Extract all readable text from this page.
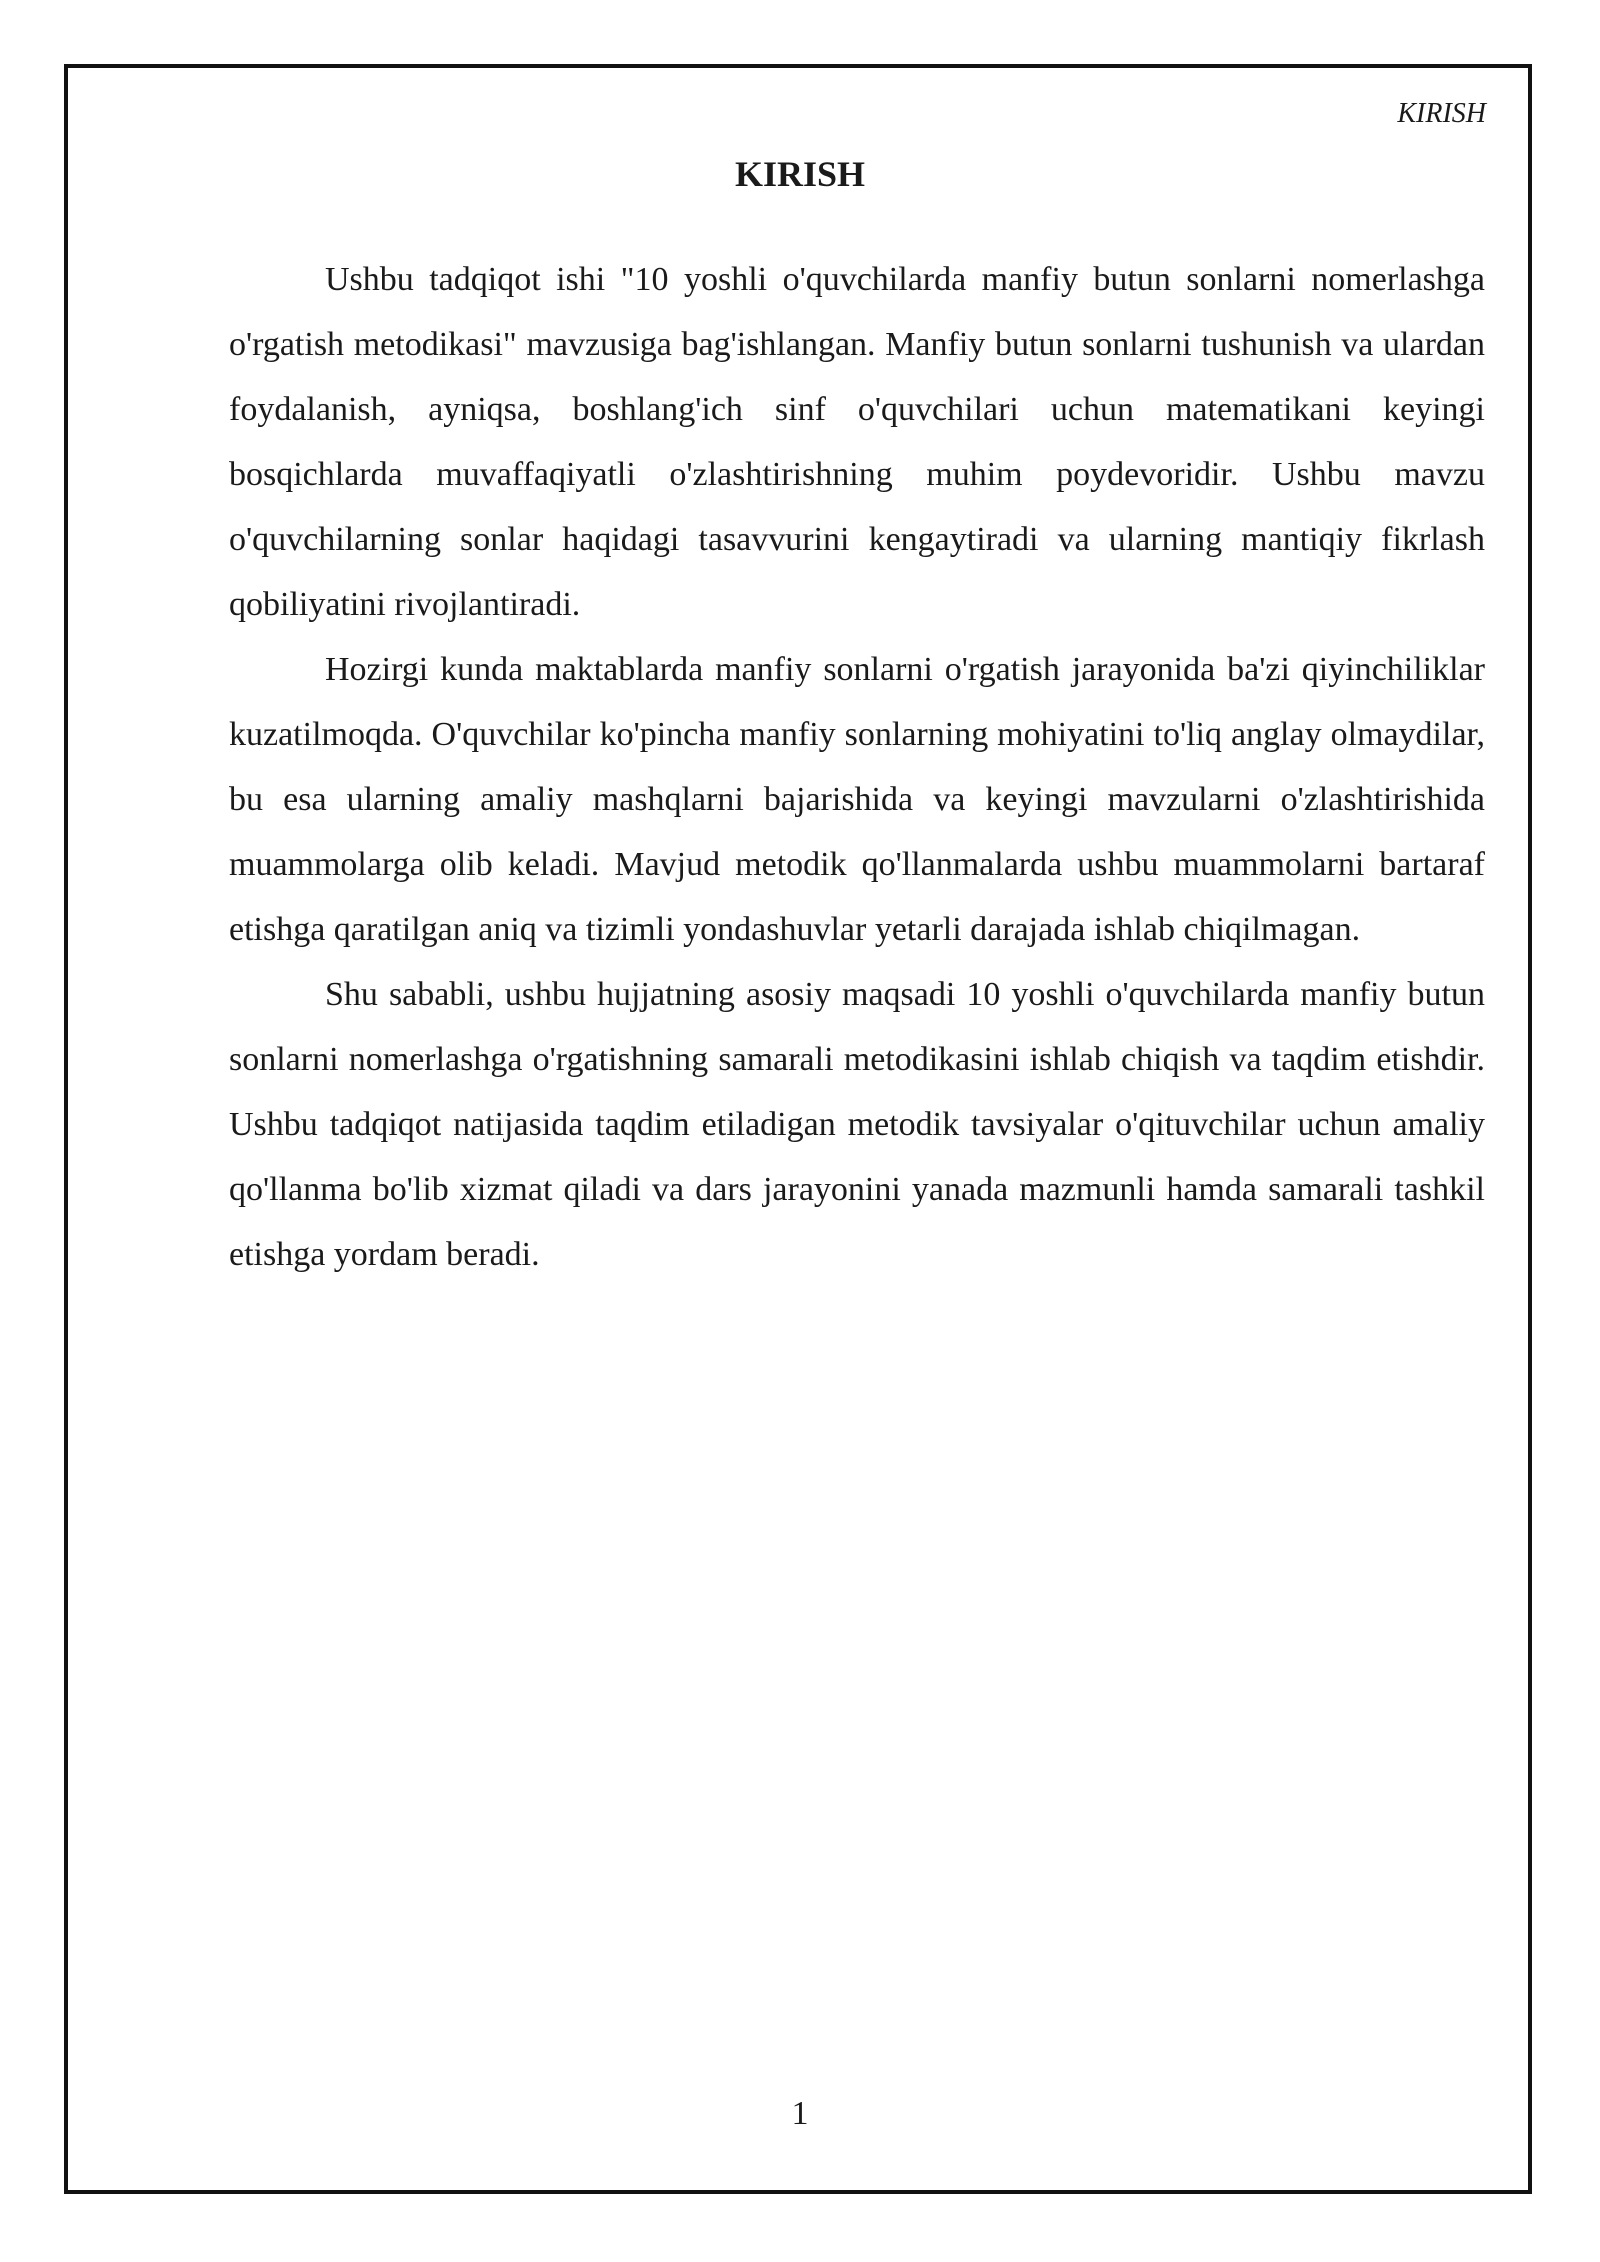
KIRISH
KIRISH

Ushbu tadqiqot ishi "10 yoshli o'quvchilarda manfiy butun sonlarni nomerlashga o'rgatish metodikasi" mavzusiga bag'ishlangan. Manfiy butun sonlarni tushunish va ulardan foydalanish, ayniqsa, boshlang'ich sinf o'quvchilari uchun matematikani keyingi bosqichlarda muvaffaqiyatli o'zlashtirishning muhim poydevoridir. Ushbu mavzu o'quvchilarning sonlar haqidagi tasavvurini kengaytiradi va ularning mantiqiy fikrlash qobiliyatini rivojlantiradi.

Hozirgi kunda maktablarda manfiy sonlarni o'rgatish jarayonida ba'zi qiyinchiliklar kuzatilmoqda. O'quvchilar ko'pincha manfiy sonlarning mohiyatini to'liq anglay olmaydilar, bu esa ularning amaliy mashqlarni bajarishida va keyingi mavzularni o'zlashtirishida muammolarga olib keladi. Mavjud metodik qo'llanmalarda ushbu muammolarni bartaraf etishga qaratilgan aniq va tizimli yondashuvlar yetarli darajada ishlab chiqilmagan.

Shu sababli, ushbu hujjatning asosiy maqsadi 10 yoshli o'quvchilarda manfiy butun sonlarni nomerlashga o'rgatishning samarali metodikasini ishlab chiqish va taqdim etishdir. Ushbu tadqiqot natijasida taqdim etiladigan metodik tavsiyalar o'qituvchilar uchun amaliy qo'llanma bo'lib xizmat qiladi va dars jarayonini yanada mazmunli hamda samarali tashkil etishga yordam beradi.

1
